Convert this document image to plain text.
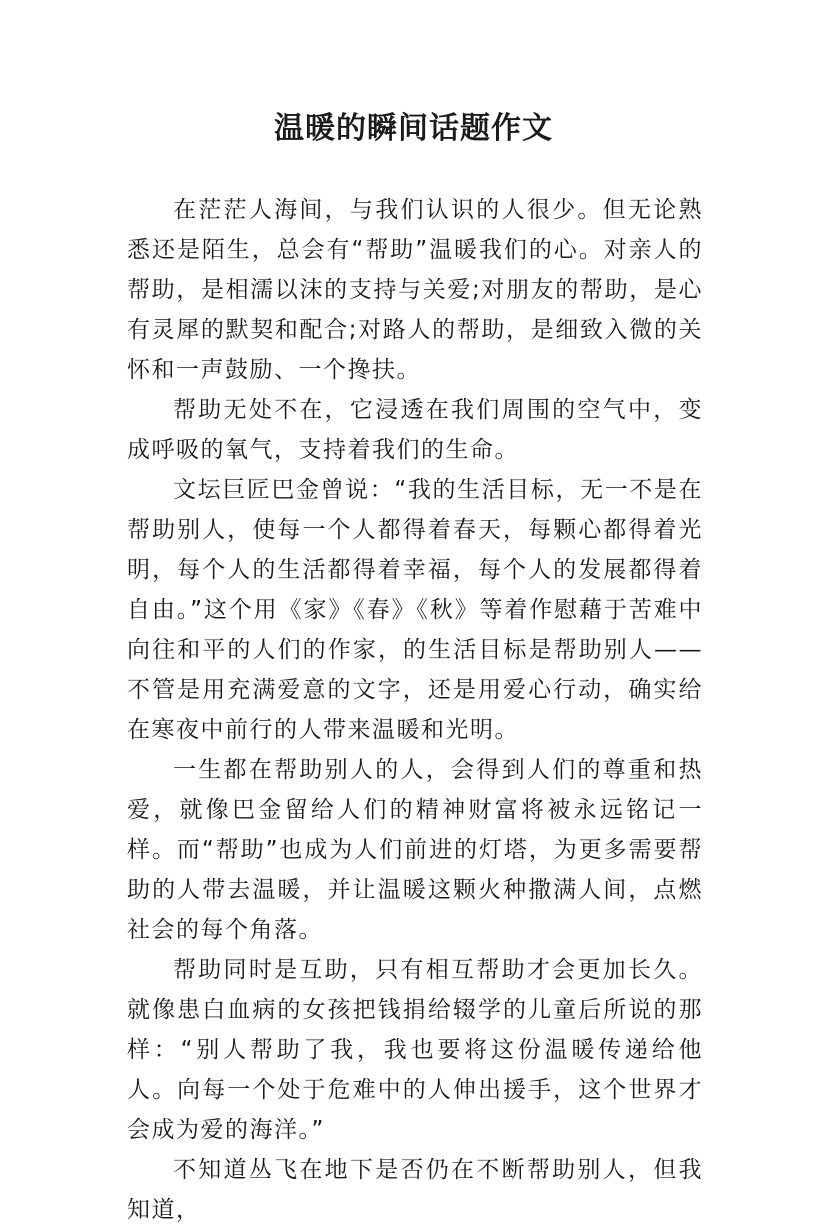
温暖的瞬间话题作文

在茫茫人海间，与我们认识的人很少。但无论熟悉还是陌生，总会有“帮助”温暖我们的心。对亲人的帮助，是相濡以沫的支持与关爱;对朋友的帮助，是心有灵犀的默契和配合;对路人的帮助，是细致入微的关怀和一声鼓励、一个搀扶。

帮助无处不在，它浸透在我们周围的空气中，变成呼吸的氧气，支持着我们的生命。

文坛巨匠巴金曾说：“我的生活目标，无一不是在帮助别人，使每一个人都得着春天，每颗心都得着光明，每个人的生活都得着幸福，每个人的发展都得着自由。”这个用《家》《春》《秋》等着作慰藉于苦难中向往和平的人们的作家，的生活目标是帮助别人——不管是用充满爱意的文字，还是用爱心行动，确实给在寒夜中前行的人带来温暖和光明。

一生都在帮助别人的人，会得到人们的尊重和热爱，就像巴金留给人们的精神财富将被永远铭记一样。而“帮助”也成为人们前进的灯塔，为更多需要帮助的人带去温暖，并让温暖这颗火种撒满人间，点燃社会的每个角落。

帮助同时是互助，只有相互帮助才会更加长久。就像患白血病的女孩把钱捐给辍学的儿童后所说的那样：“别人帮助了我，我也要将这份温暖传递给他人。向每一个处于危难中的人伸出援手，这个世界才会成为爱的海洋。”

不知道丛飞在地下是否仍在不断帮助别人，但我知道，
